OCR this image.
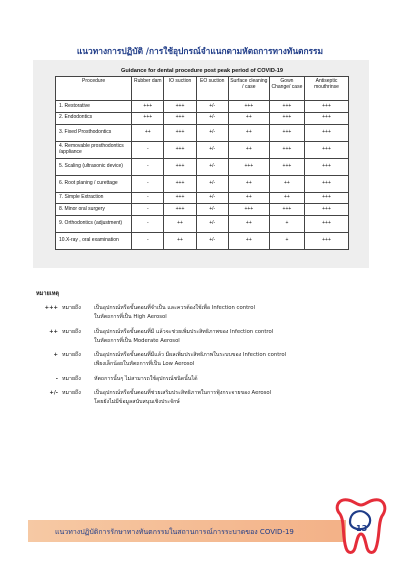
แนวทางการปฏิบัติ /การใช้อุปกรณ์จำแนกตามหัตถการทางทันตกรรม
Guidance for dental procedure post peak period of COVID-19
Procedure	Rubber dam	IO suction	EO suction	Surface cleaning / case	Gown Change/ case	Antiseptic mouthrinse
1. Restorative	+++	+++	+/-	+++	+++	+++
2. Endodontics	+++	+++	+/-	++	+++	+++
3. Fixed Prosthodontics	++	+++	+/-	++	+++	+++
4. Removable prosthodontics /appliance	-	+++	+/-	++	+++	+++
5. Scaling (ultrasonic device)	-	+++	+/-	+++	+++	+++
6. Root planing / curettage	-	+++	+/-	++	++	+++
7. Simple Extraction	-	+++	+/-	++	++	+++
8. Minor oral surgery	-	+++	+/-	+++	+++	+++
9. Orthodontics (adjustment)	-	++	+/-	++	+	+++
10.X-ray , oral examination	-	++	+/-	++	+	+++
หมายเหตุ
+++ หมายถึง	เป็นอุปกรณ์หรือขั้นตอนที่จำเป็น และควรต้องใช้เพื่อ Infection control
ในหัตถการที่เป็น High Aerosol
++ หมายถึง	เป็นอุปกรณ์หรือขั้นตอนที่มี แล้วจะช่วยเพิ่มประสิทธิภาพของ Infection control
ในหัตถการที่เป็น Moderate Aerosol
+ หมายถึง	เป็นอุปกรณ์หรือขั้นตอนที่มีแล้ว มีผลเพิ่มประสิทธิภาพในระบบของ Infection control
เพียงเล็กน้อยในหัตถการที่เป็น Low Aerosol
- หมายถึง	หัตถการนั้นๆ ไม่สามารถใช้อุปกรณ์ชนิดนั้นได้
+/- หมายถึง	เป็นอุปกรณ์หรือขั้นตอนที่ช่วยเสริมประสิทธิภาพในการฟุ้งกระจายของ Aerosol
โดยยังไม่มีข้อมูลสนับสนุนเชิงประจักษ์
แนวทางปฏิบัติการรักษาทางทันตกรรมในสถานการณ์การระบาดของ COVID-19	13
